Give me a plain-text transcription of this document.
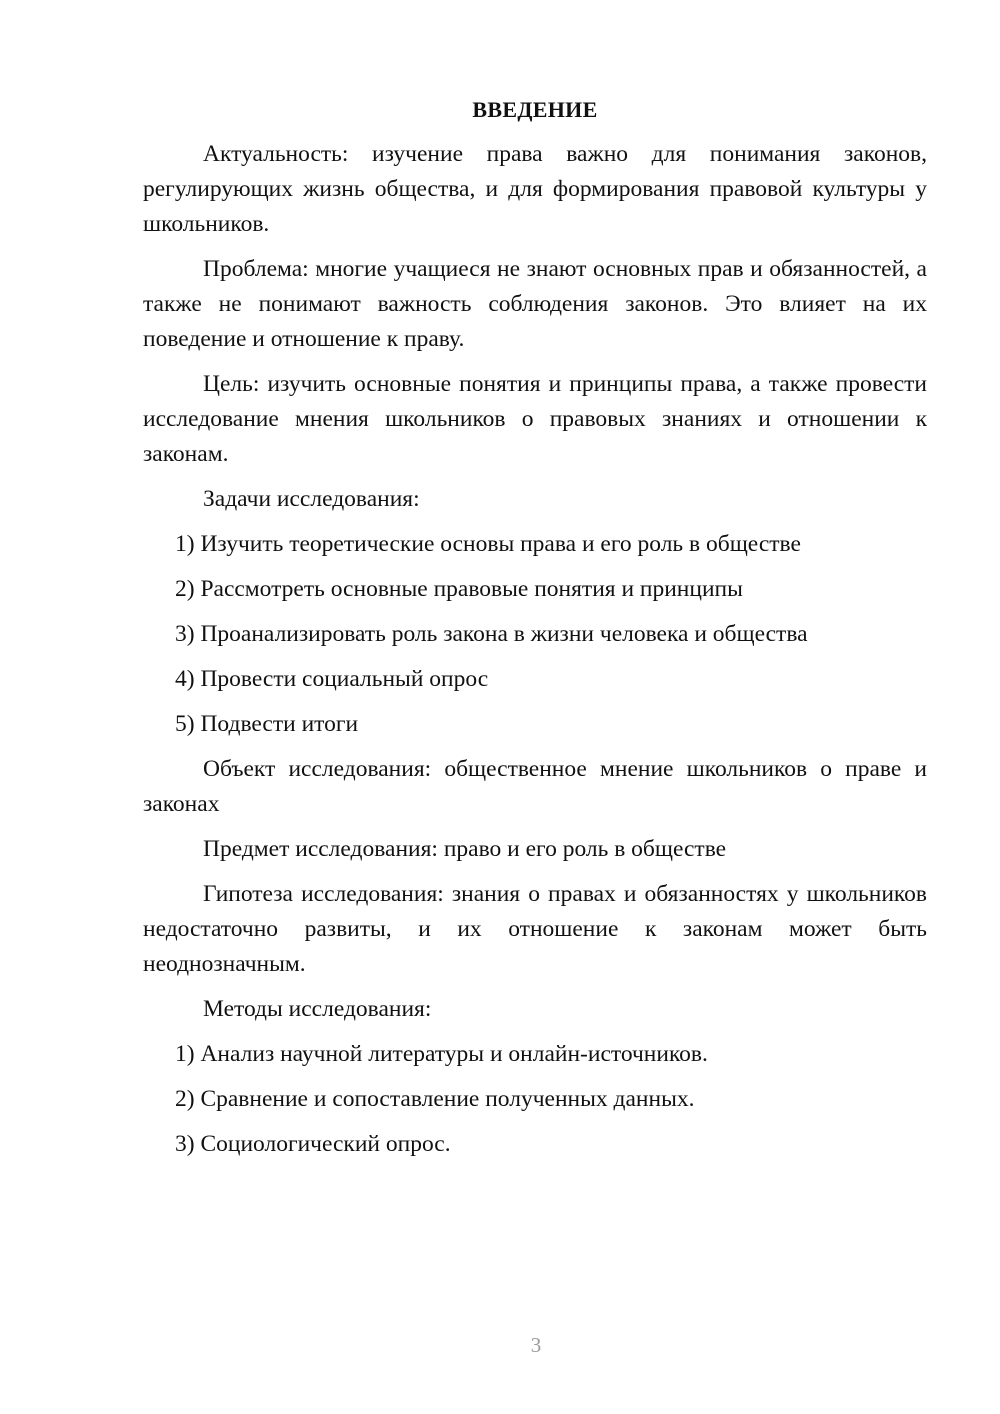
ВВЕДЕНИЕ

Актуальность: изучение права важно для понимания законов, регулирующих жизнь общества, и для формирования правовой культуры у школьников.

Проблема: многие учащиеся не знают основных прав и обязанностей, а также не понимают важность соблюдения законов. Это влияет на их поведение и отношение к праву.

Цель: изучить основные понятия и принципы права, а также провести исследование мнения школьников о правовых знаниях и отношении к законам.

Задачи исследования:

1) Изучить теоретические основы права и его роль в обществе
2) Рассмотреть основные правовые понятия и принципы
3) Проанализировать роль закона в жизни человека и общества
4) Провести социальный опрос
5) Подвести итоги

Объект исследования: общественное мнение школьников о праве и законах

Предмет исследования: право и его роль в обществе

Гипотеза исследования: знания о правах и обязанностях у школьников недостаточно развиты, и их отношение к законам может быть неоднозначным.

Методы исследования:

1) Анализ научной литературы и онлайн-источников.
2) Сравнение и сопоставление полученных данных.
3) Социологический опрос.
3
